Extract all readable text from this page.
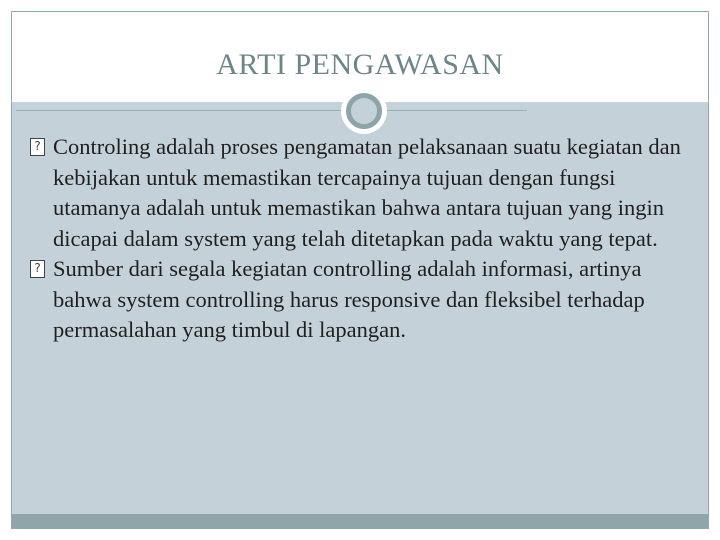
ARTI PENGAWASAN

? Controling adalah proses pengamatan pelaksanaan suatu kegiatan dan kebijakan untuk memastikan tercapainya tujuan dengan fungsi utamanya adalah untuk memastikan bahwa antara tujuan yang ingin dicapai dalam system yang telah ditetapkan pada waktu yang tepat.

? Sumber dari segala kegiatan controlling adalah informasi, artinya bahwa system controlling harus responsive dan fleksibel terhadap permasalahan yang timbul di lapangan.
